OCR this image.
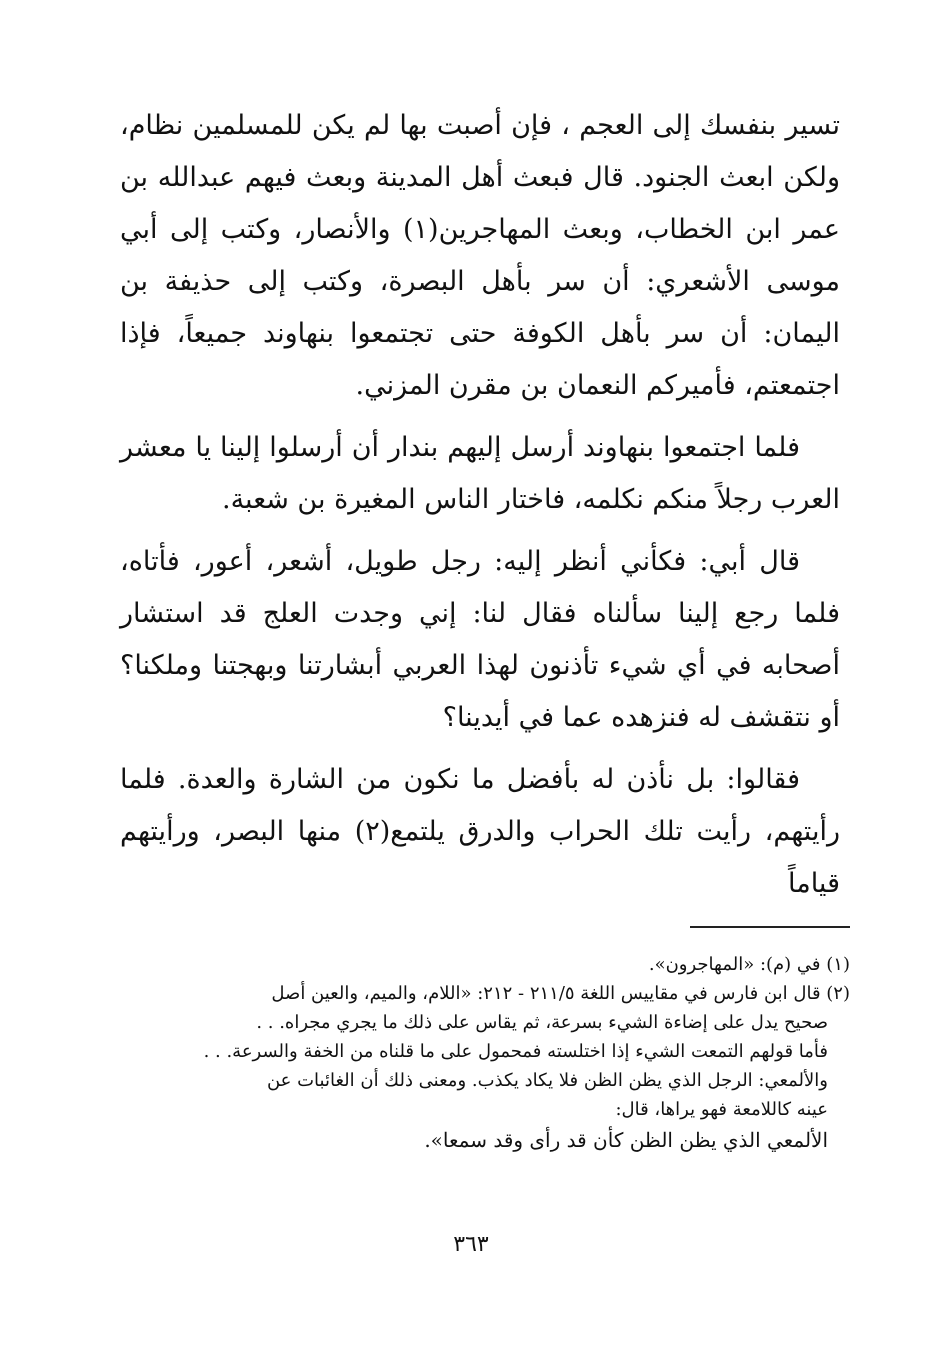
تسير بنفسك إلى العجم ، فإن أصبت بها لم يكن للمسلمين نظام، ولكن ابعث الجنود. قال فبعث أهل المدينة وبعث فيهم عبدالله بن عمر ابن الخطاب، وبعث المهاجرين(١) والأنصار، وكتب إلى أبي موسى الأشعري: أن سر بأهل البصرة، وكتب إلى حذيفة بن اليمان: أن سر بأهل الكوفة حتى تجتمعوا بنهاوند جميعاً، فإذا اجتمعتم، فأميركم النعمان بن مقرن المزني.

فلما اجتمعوا بنهاوند أرسل إليهم بندار أن أرسلوا إلينا يا معشر العرب رجلاً منكم نكلمه، فاختار الناس المغيرة بن شعبة.

قال أبي: فكأني أنظر إليه: رجل طويل، أشعر، أعور، فأتاه، فلما رجع إلينا سألناه فقال لنا: إني وجدت العلج قد استشار أصحابه في أي شيء تأذنون لهذا العربي أبشارتنا وبهجتنا وملكنا؟ أو نتقشف له فنزهده عما في أيدينا؟

فقالوا: بل نأذن له بأفضل ما نكون من الشارة والعدة. فلما رأيتهم، رأيت تلك الحراب والدرق يلتمع(٢) منها البصر، ورأيتهم قياماً

(١) في (م): «المهاجرون».

(٢) قال ابن فارس في مقاييس اللغة ٢١١/٥ - ٢١٢: «اللام، والميم، والعين أصل

صحيح يدل على إضاءة الشيء بسرعة، ثم يقاس على ذلك ما يجري مجراه. . .

فأما قولهم التمعت الشيء إذا اختلسته فمحمول على ما قلناه من الخفة والسرعة. . .

والألمعي: الرجل الذي يظن الظن فلا يكاد يكذب. ومعنى ذلك أن الغائبات عن

عينه كاللامعة فهو يراها، قال:

الألمعي الذي يظن الظن كأن قد رأى وقد سمعا».

٣٦٣
